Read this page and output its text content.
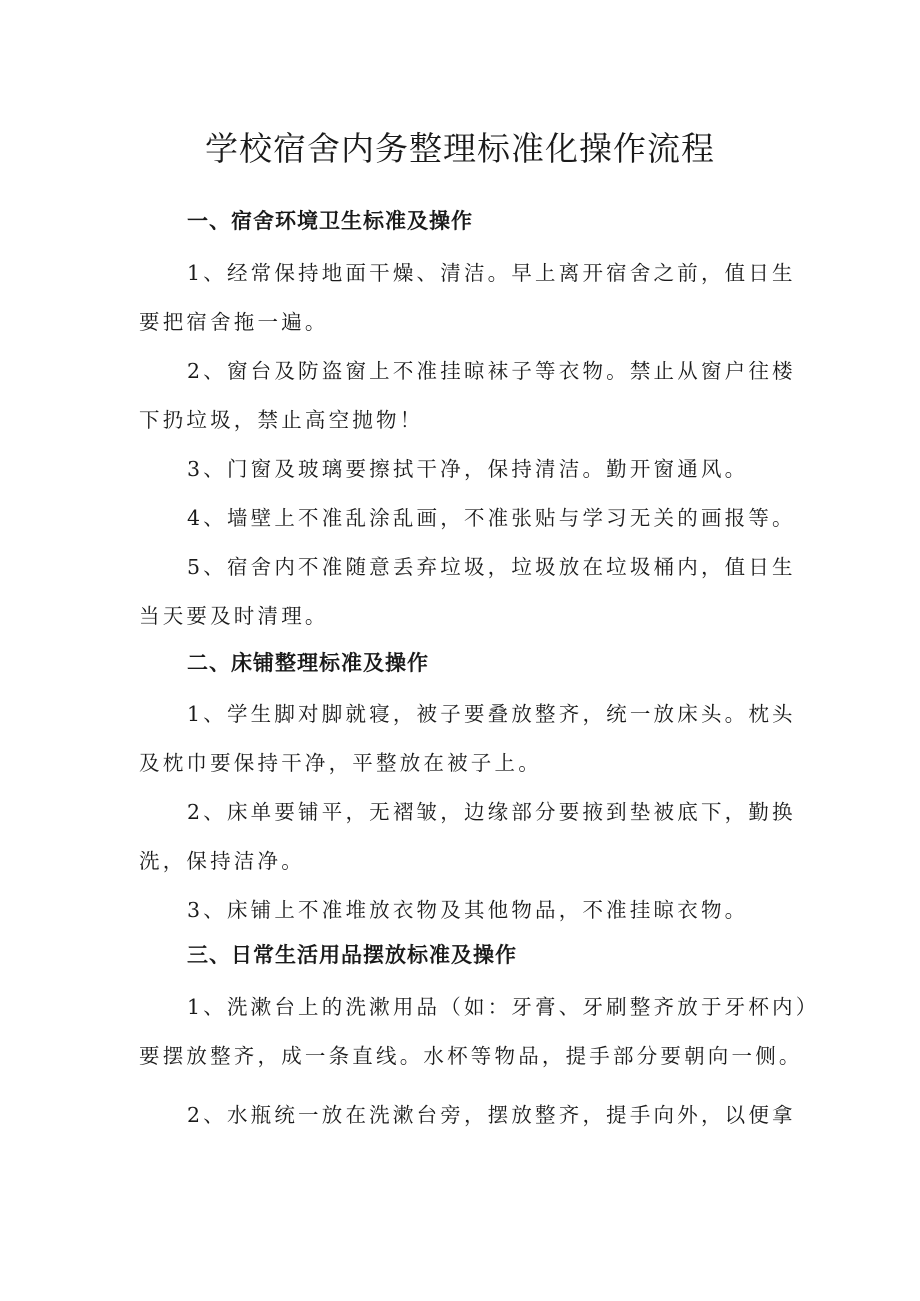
学校宿舍内务整理标准化操作流程
一、宿舍环境卫生标准及操作
1、经常保持地面干燥、清洁。早上离开宿舍之前，值日生
要把宿舍拖一遍。
2、窗台及防盗窗上不准挂晾袜子等衣物。禁止从窗户往楼
下扔垃圾，禁止高空抛物！
3、门窗及玻璃要擦拭干净，保持清洁。勤开窗通风。
4、墙壁上不准乱涂乱画，不准张贴与学习无关的画报等。
5、宿舍内不准随意丢弃垃圾，垃圾放在垃圾桶内，值日生
当天要及时清理。
二、床铺整理标准及操作
1、学生脚对脚就寝，被子要叠放整齐，统一放床头。枕头
及枕巾要保持干净，平整放在被子上。
2、床单要铺平，无褶皱，边缘部分要掖到垫被底下，勤换
洗，保持洁净。
3、床铺上不准堆放衣物及其他物品，不准挂晾衣物。
三、日常生活用品摆放标准及操作
1、洗漱台上的洗漱用品（如：牙膏、牙刷整齐放于牙杯内）
要摆放整齐，成一条直线。水杯等物品，提手部分要朝向一侧。
2、水瓶统一放在洗漱台旁，摆放整齐，提手向外，以便拿
